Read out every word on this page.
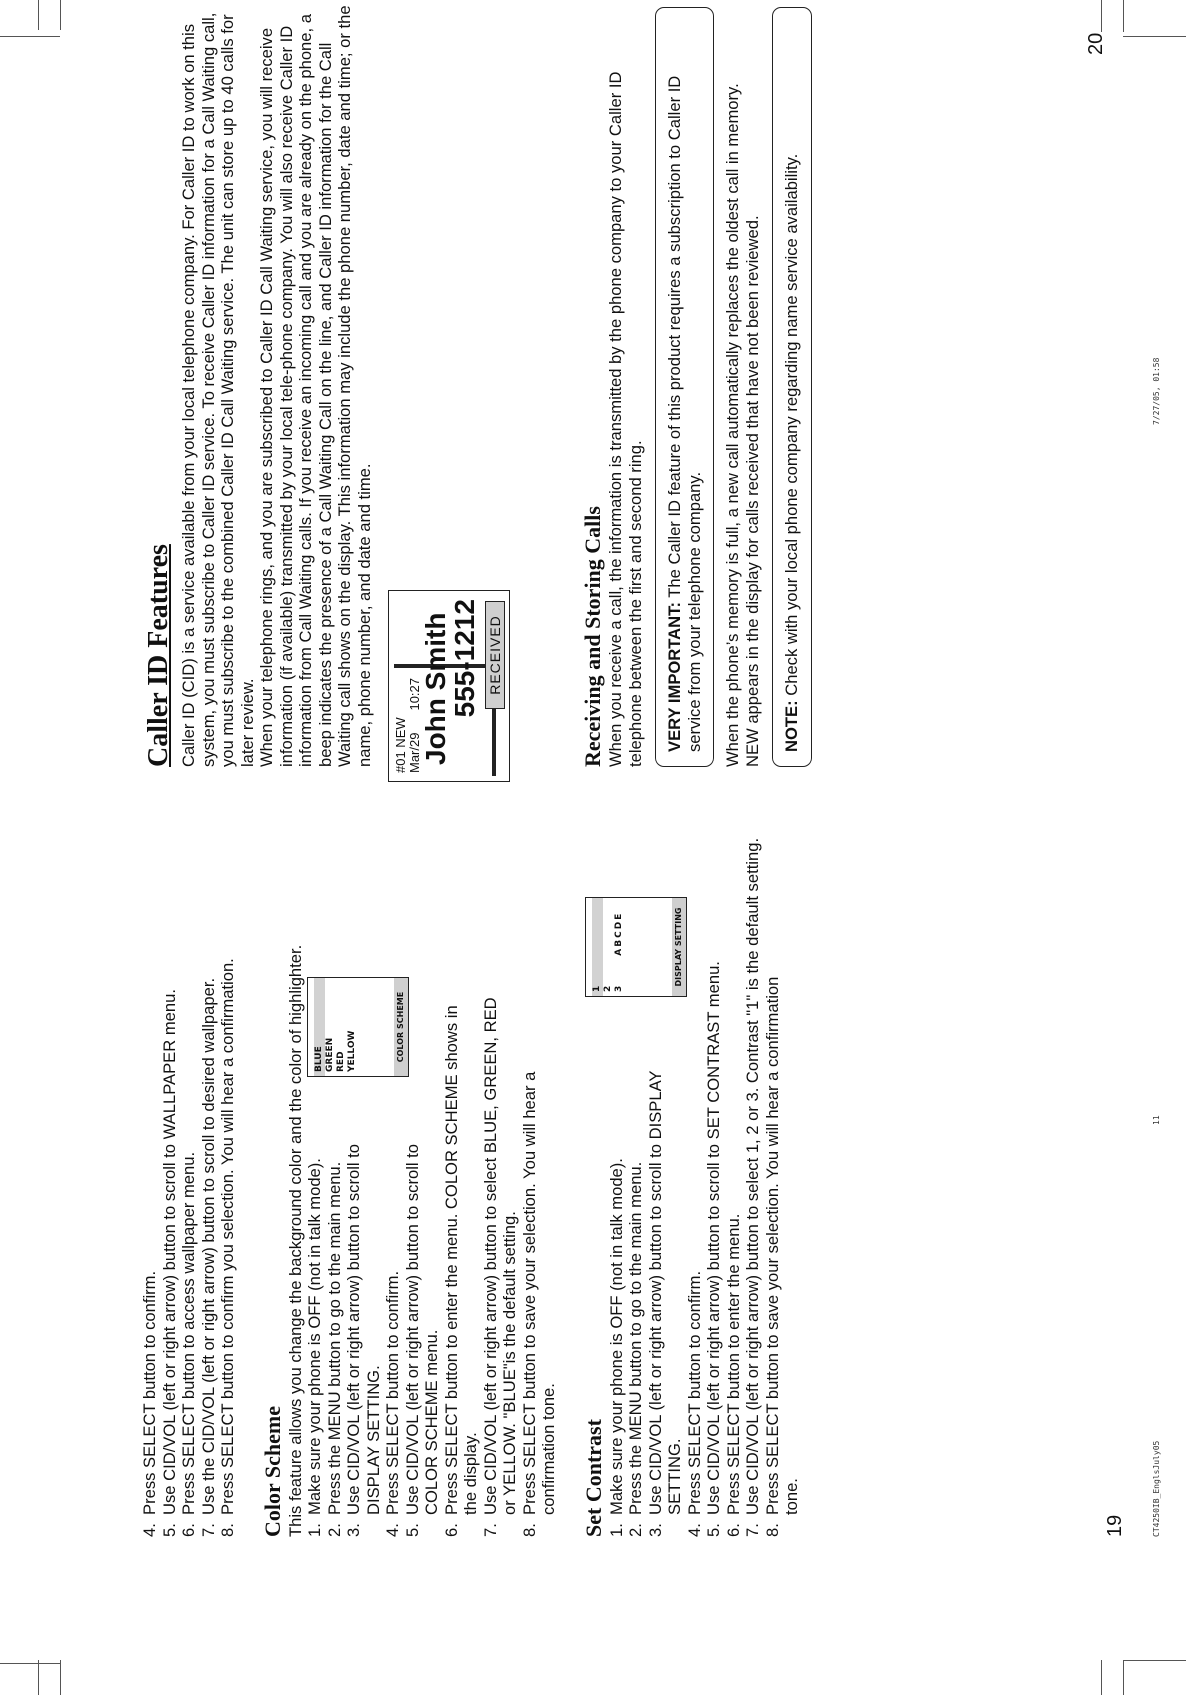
4.
Press SELECT button to confirm.
5.
Use CID/VOL (left or right arrow) button to scroll to WALLPAPER menu.
6.
Press SELECT button to access wallpaper menu.
7.
Use the CID/VOL (left or right arrow) button to scroll to desired wallpaper.
8.
Press SELECT button to confirm you selection. You will hear a confirmation. Color Scheme This feature allows you change the background color and the color of highlighter. 1.
Make sure your phone is OFF (not in talk mode).
2.
Press the MENU button to go to the main menu.
3.
Use CID/VOL (left or right arrow) button to scroll to DISPLAY SETTING.
4.
Press SELECT button to confirm.
5.
Use CID/VOL (left or right arrow) button to scroll to COLOR SCHEME menu.
BLUE GREEN RED YELLOW	COLOR SCHEME
6.
Press SELECT button to enter the menu. COLOR SCHEME shows in the display.
7.
Use CID/VOL (left or right arrow) button to select BLUE, GREEN, RED or YELLOW. "BLUE"is the default setting.
8.
Press SELECT button to save your selection. You will hear a confirmation tone. Set Contrast 1.
Make sure your phone is OFF (not in talk mode).
2.
Press the MENU button to go to the main menu.
3.
Use CID/VOL (left or right arrow) button to scroll to DISPLAY SETTING.
1 2 3ABCDE	DISPLAY SETTING
4.
Press SELECT button to confirm.
5.
Use CID/VOL (left or right arrow) button to scroll to SET CONTRAST menu.
6.
Press SELECT button to enter the menu.
7.
Use CID/VOL (left or right arrow) button to select 1, 2 or 3. Contrast "1" is the default setting.
8.
Press SELECT button to save your selection. You will hear a confirmation tone.
19
Caller ID Features Caller ID (CID) is a service available from your local telephone company. For Caller ID to work on this system, you must subscribe to Caller ID service. To receive Caller ID information for a Call Waiting call, you must subscribe to the combined Caller ID Call Waiting service. The unit can store up to 40 calls for later review. When your telephone rings, and you are subscribed to Caller ID Call Waiting service, you will receive information (if available) transmitted by your local tele-phone company. You will also receive Caller ID information from Call Waiting calls. If you receive an incoming call and you are already on the phone, a beep indicates the presence of a Call Waiting Call on the line, and Caller ID information for the Call Waiting call shows on the display. This information may include the phone number, date and time; or the name, phone number, and date and time.	#01 NEW Mar/2910:27
John Smith
555-1212 RECEIVED	Receiving and Storing Calls When you receive a call, the information is transmitted by the phone company to your Caller ID telephone between the first and second ring.	VERY IMPORTANT: The Caller ID feature of this product requires a subscription to Caller ID service from your telephone company.	When the phone’s memory is full, a new call automatically replaces the oldest call in memory. NEW appears in the display for calls received that have not been reviewed.	NOTE: Check with your local phone company regarding name service availability.
20
CT4250IB_EnglsJuly05
11
7/27/05, 01:58
